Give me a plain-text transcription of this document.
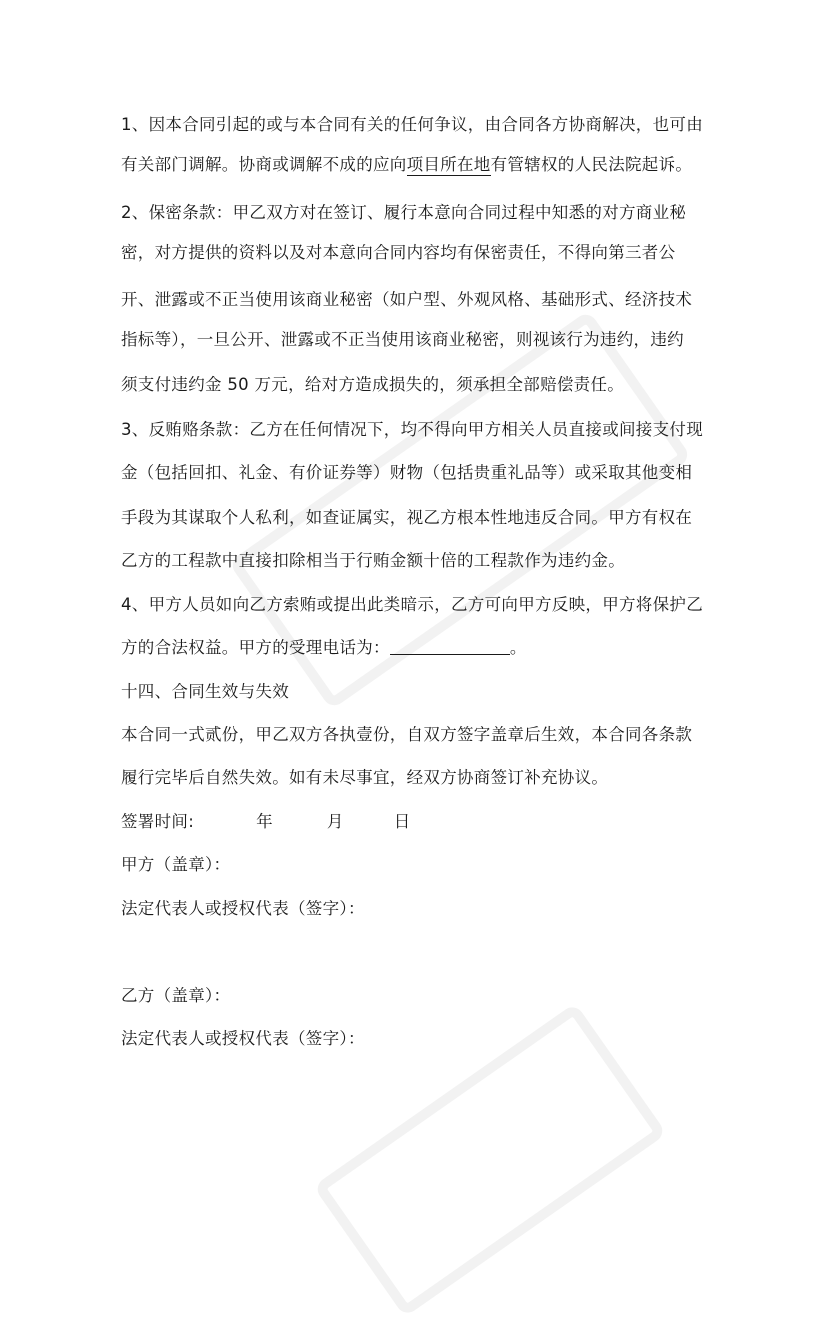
1、因本合同引起的或与本合同有关的任何争议，由合同各方协商解决，也可由
有关部门调解。协商或调解不成的应向项目所在地有管辖权的人民法院起诉。
2、保密条款：甲乙双方对在签订、履行本意向合同过程中知悉的对方商业秘
密，对方提供的资料以及对本意向合同内容均有保密责任，不得向第三者公
开、泄露或不正当使用该商业秘密（如户型、外观风格、基础形式、经济技术
指标等），一旦公开、泄露或不正当使用该商业秘密，则视该行为违约，违约
须支付违约金 50 万元，给对方造成损失的，须承担全部赔偿责任。
3、反贿赂条款：乙方在任何情况下，均不得向甲方相关人员直接或间接支付现
金（包括回扣、礼金、有价证券等）财物（包括贵重礼品等）或采取其他变相
手段为其谋取个人私利，如查证属实，视乙方根本性地违反合同。甲方有权在
乙方的工程款中直接扣除相当于行贿金额十倍的工程款作为违约金。
4、甲方人员如向乙方索贿或提出此类暗示，乙方可向甲方反映，甲方将保护乙
方的合法权益。甲方的受理电话为：	。
十四、合同生效与失效
本合同一式贰份，甲乙双方各执壹份，自双方签字盖章后生效，本合同各条款
履行完毕后自然失效。如有未尽事宜，经双方协商签订补充协议。
签署时间:	年	月	日
甲方（盖章）：
法定代表人或授权代表（签字）：
乙方（盖章）：
法定代表人或授权代表（签字）：
